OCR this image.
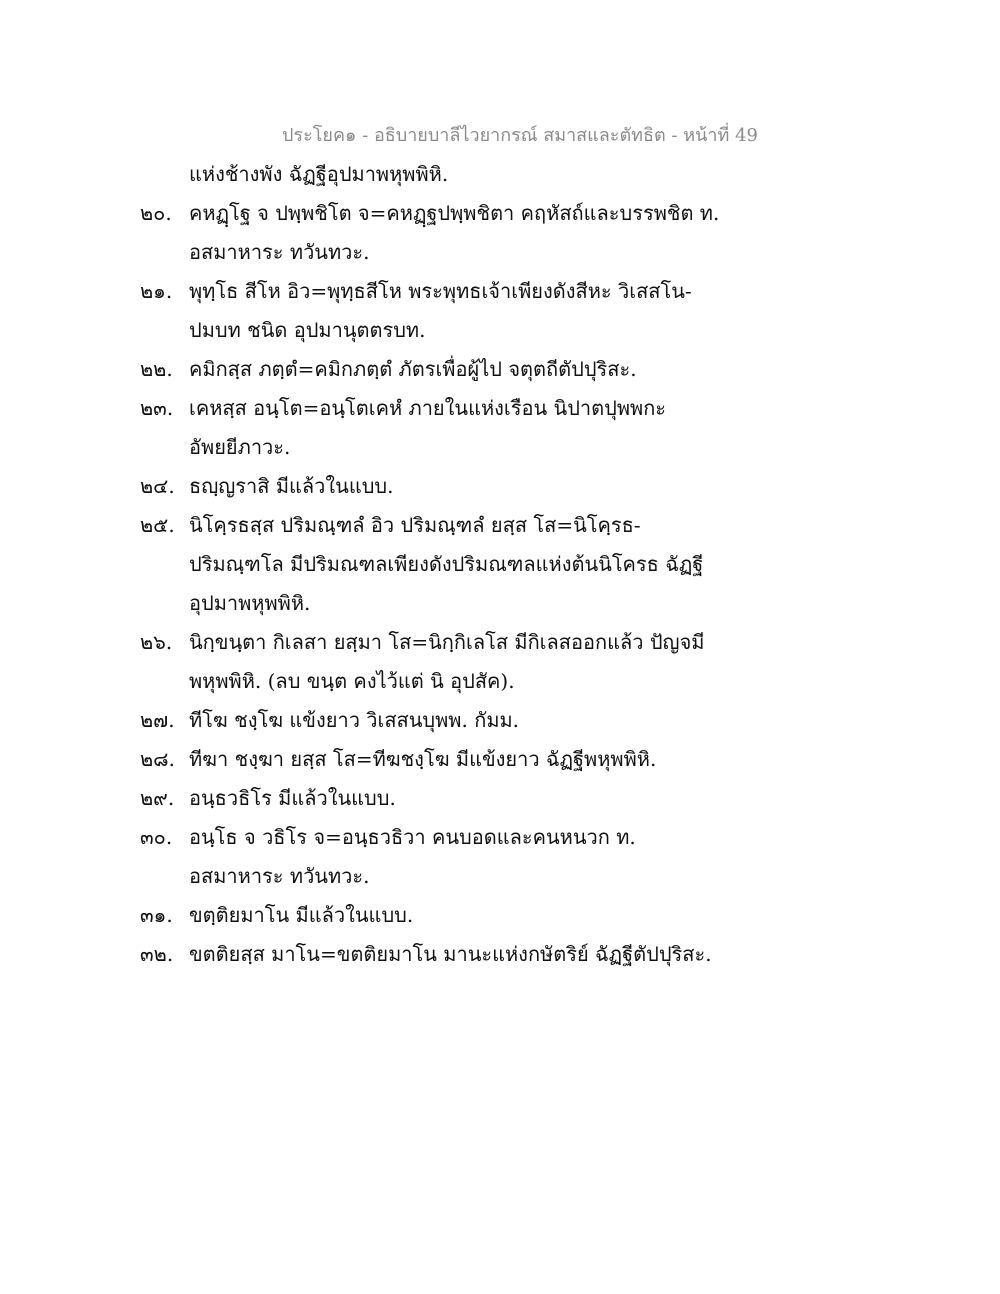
ประโยค๑ - อธิบายบาลีไวยากรณ์ สมาสและตัทธิต - หน้าที่ 49
แห่งช้างพัง ฉัฏฐีอุปมาพหุพพิหิ.
๒๐. คหฏฺโฐ จ ปพฺพชิโต จ=คหฏฺฐปพฺพชิตา คฤหัสถ์และบรรพชิต ท.
อสมาหาระ ทวันทวะ.
๒๑. พุทฺโธ สีโห อิว=พุทฺธสีโห พระพุทธเจ้าเพียงดังสีหะ วิเสสโน-
ปมบท ชนิด อุปมานุตตรบท.
๒๒. คมิกสฺส ภตฺตํ=คมิกภตฺตํ ภัตรเพื่อผู้ไป จตุตถีตัปปุริสะ.
๒๓. เคหสฺส อนฺโต=อนฺโตเคหํ ภายในแห่งเรือน นิปาตปุพพกะ
อัพยยีภาวะ.
๒๔. ธญฺญราสิ มีแล้วในแบบ.
๒๕. นิโคฺรธสฺส ปริมณฺฑลํ อิว ปริมณฺฑลํ ยสฺส โส=นิโคฺรธ-
ปริมณฺฑโล มีปริมณฑลเพียงดังปริมณฑลแห่งต้นนิโครธ ฉัฏฐี
อุปมาพหุพพิหิ.
๒๖. นิกฺขนฺตา กิเลสา ยสฺมา โส=นิกฺกิเลโส มีกิเลสออกแล้ว ปัญจมี
พหุพพิหิ. (ลบ ขนฺต คงไว้แต่ นิ อุปสัค).
๒๗. ทีโฆ ชงฺโฆ แข้งยาว วิเสสนบุพพ. กัมม.
๒๘. ทีฆา ชงฺฆา ยสฺส โส=ทีฆชงฺโฆ มีแข้งยาว ฉัฏฐีพหุพพิหิ.
๒๙. อนฺธวธิโร มีแล้วในแบบ.
๓๐. อนฺโธ จ วธิโร จ=อนฺธวธิวา คนบอดและคนหนวก ท.
อสมาหาระ ทวันทวะ.
๓๑. ขตฺติยมาโน มีแล้วในแบบ.
๓๒. ขตติยสฺส มาโน=ขตติยมาโน มานะแห่งกษัตริย์ ฉัฏฐีตัปปุริสะ.
